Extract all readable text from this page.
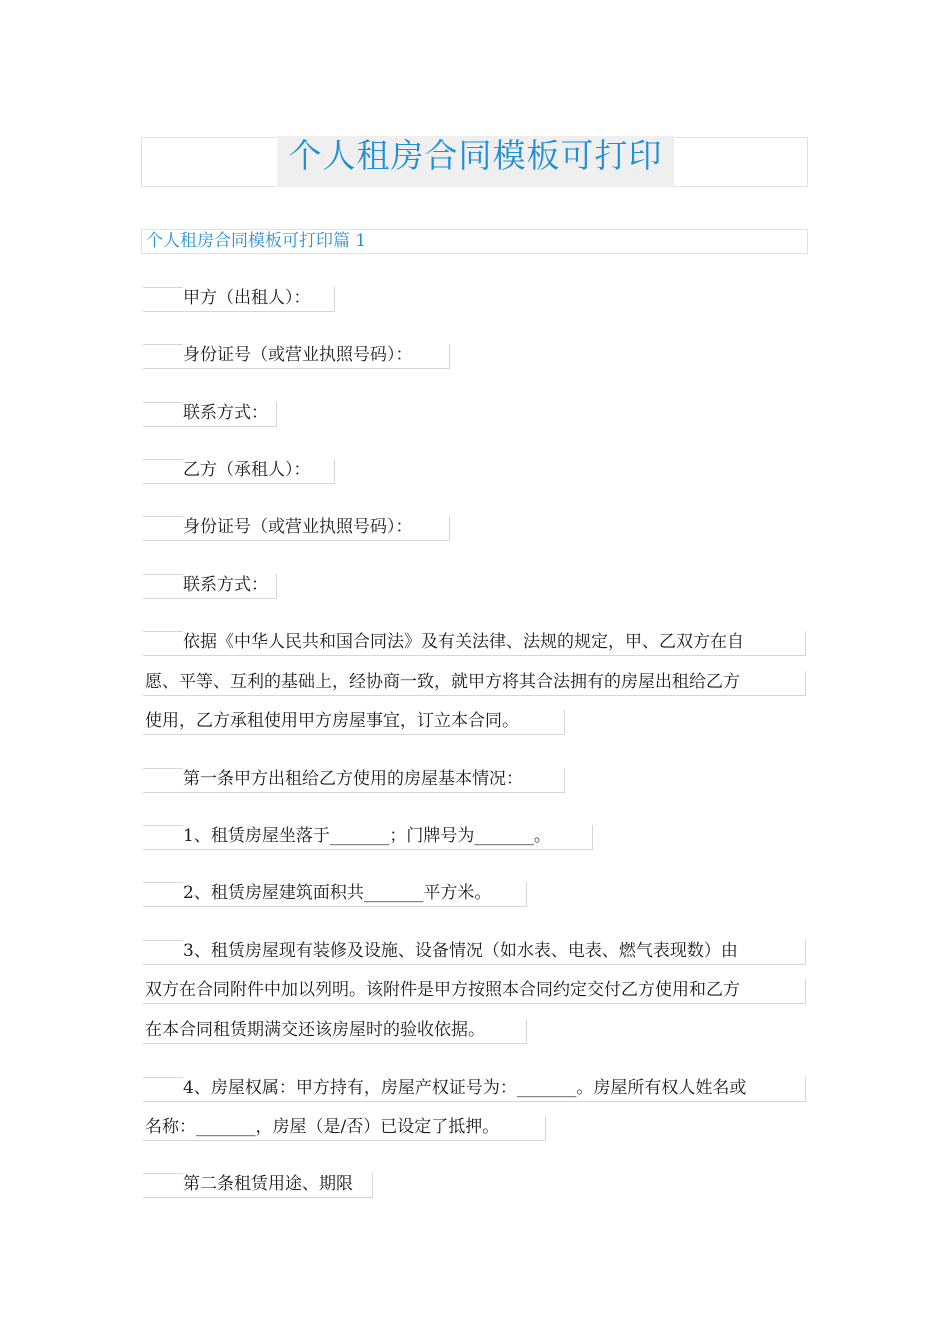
个人租房合同模板可打印
个人租房合同模板可打印篇 1
甲方（出租人）：
身份证号（或营业执照号码）：
联系方式：
乙方（承租人）：
身份证号（或营业执照号码）：
联系方式：
依据《中华人民共和国合同法》及有关法律、法规的规定，甲、乙双方在自
愿、平等、互利的基础上，经协商一致，就甲方将其合法拥有的房屋出租给乙方
使用，乙方承租使用甲方房屋事宜，订立本合同。
第一条甲方出租给乙方使用的房屋基本情况：
1、租赁房屋坐落于_______；门牌号为_______。
2、租赁房屋建筑面积共_______平方米。
3、租赁房屋现有装修及设施、设备情况（如水表、电表、燃气表现数）由
双方在合同附件中加以列明。该附件是甲方按照本合同约定交付乙方使用和乙方
在本合同租赁期满交还该房屋时的验收依据。
4、房屋权属：甲方持有，房屋产权证号为：_______。房屋所有权人姓名或
名称：_______，房屋（是/否）已设定了抵押。
第二条租赁用途、期限
